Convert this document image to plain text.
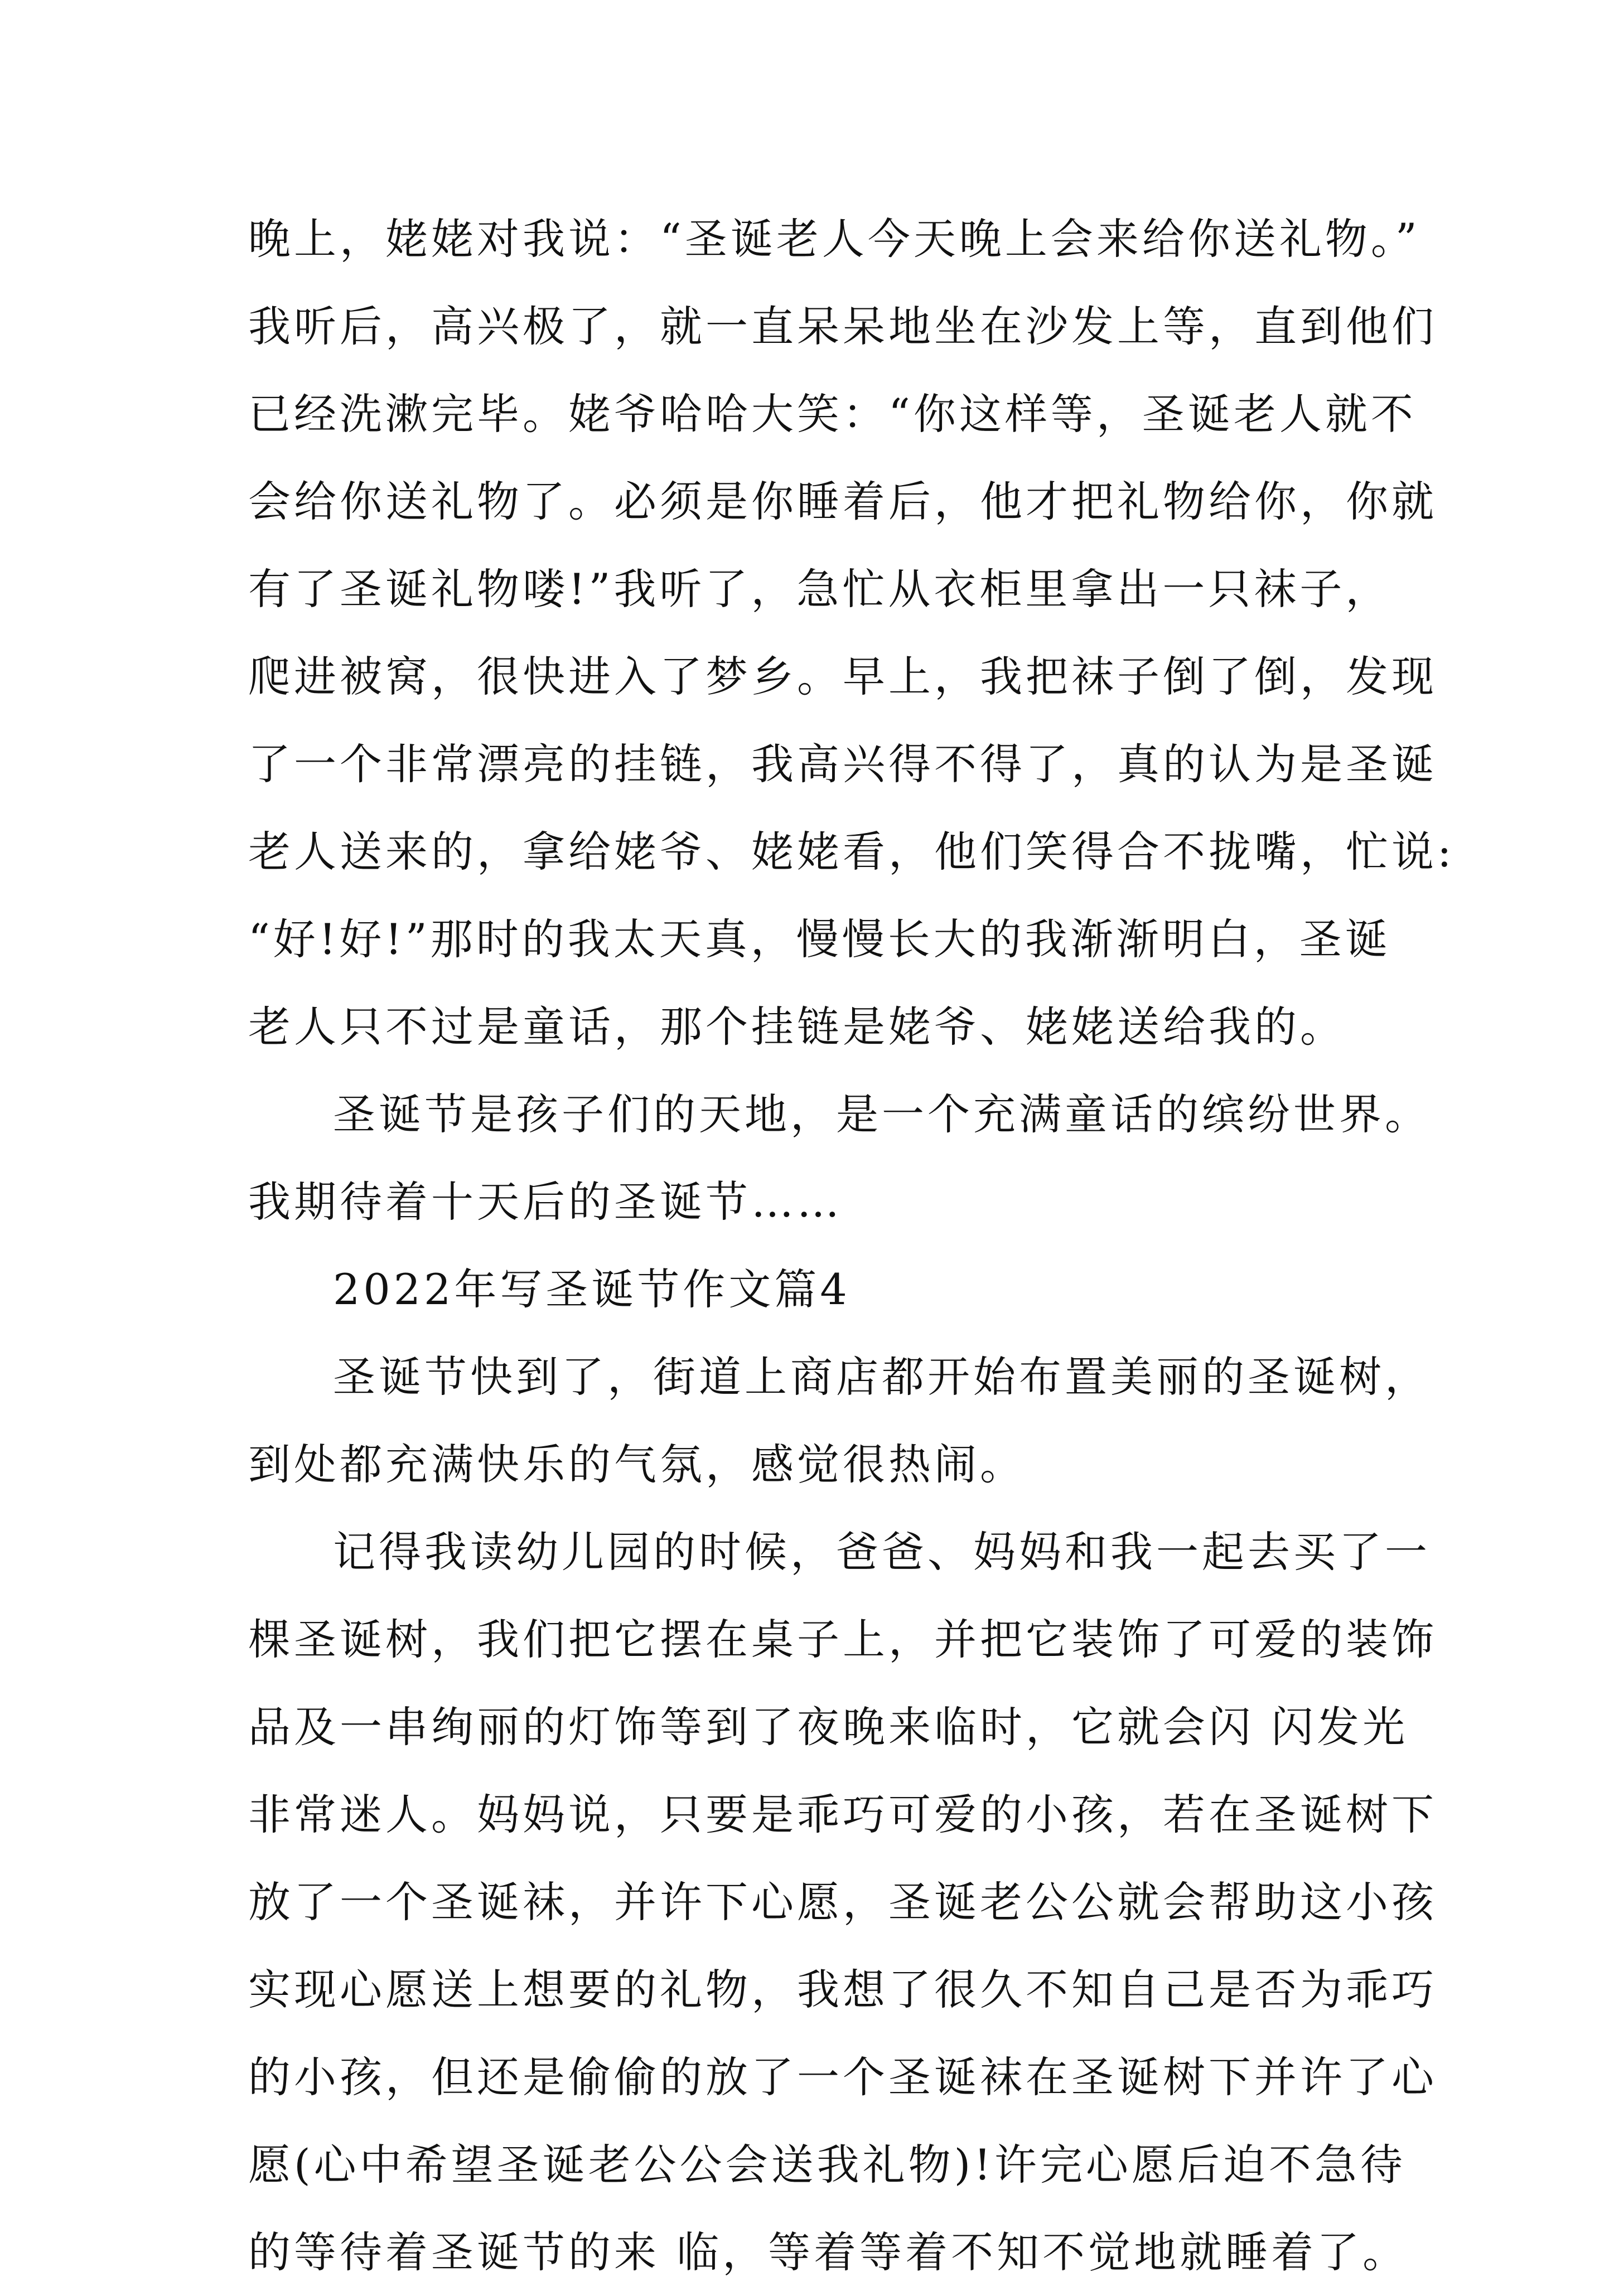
晚上，姥姥对我说：“圣诞老人今天晚上会来给你送礼物。”
我听后，高兴极了，就一直呆呆地坐在沙发上等，直到他们
已经洗漱完毕。姥爷哈哈大笑：“你这样等，圣诞老人就不
会给你送礼物了。必须是你睡着后，他才把礼物给你，你就
有了圣诞礼物喽!”我听了，急忙从衣柜里拿出一只袜子，
爬进被窝，很快进入了梦乡。早上，我把袜子倒了倒，发现
了一个非常漂亮的挂链，我高兴得不得了，真的认为是圣诞
老人送来的，拿给姥爷、姥姥看，他们笑得合不拢嘴，忙说:
“好!好!”那时的我太天真，慢慢长大的我渐渐明白，圣诞
老人只不过是童话，那个挂链是姥爷、姥姥送给我的。
圣诞节是孩子们的天地，是一个充满童话的缤纷世界。
我期待着十天后的圣诞节……
2022年写圣诞节作文篇4
圣诞节快到了，街道上商店都开始布置美丽的圣诞树，
到处都充满快乐的气氛，感觉很热闹。
记得我读幼儿园的时候，爸爸、妈妈和我一起去买了一
棵圣诞树，我们把它摆在桌子上，并把它装饰了可爱的装饰
品及一串绚丽的灯饰等到了夜晚来临时，它就会闪 闪发光
非常迷人。妈妈说，只要是乖巧可爱的小孩，若在圣诞树下
放了一个圣诞袜，并许下心愿，圣诞老公公就会帮助这小孩
实现心愿送上想要的礼物，我想了很久不知自己是否为乖巧
的小孩，但还是偷偷的放了一个圣诞袜在圣诞树下并许了心
愿(心中希望圣诞老公公会送我礼物)!许完心愿后迫不急待
的等待着圣诞节的来 临，等着等着不知不觉地就睡着了。
